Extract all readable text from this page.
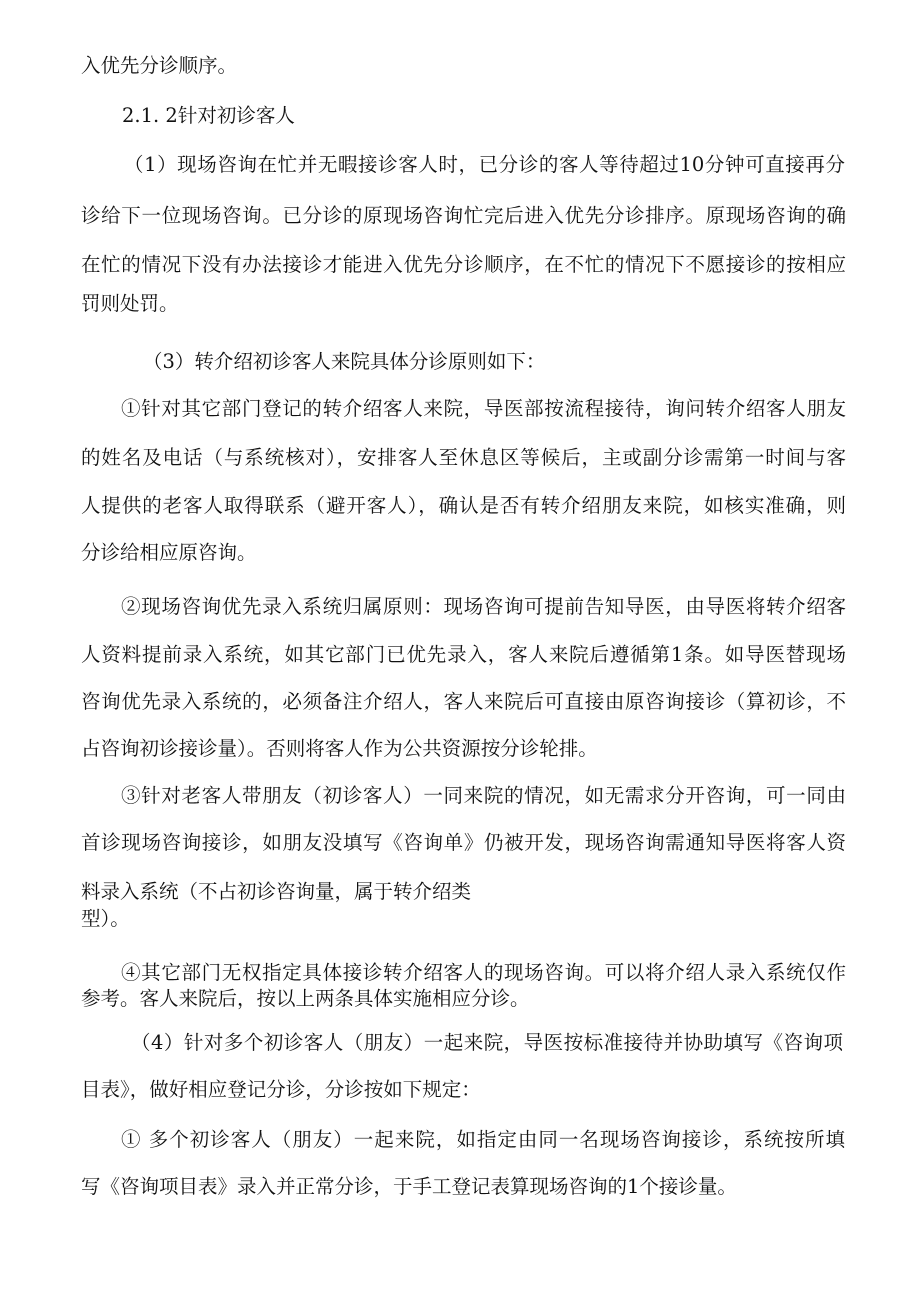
入优先分诊顺序。

2.1. 2针对初诊客人

（1）现场咨询在忙并无暇接诊客人时，已分诊的客人等待超过10分钟可直接再分

诊给下一位现场咨询。已分诊的原现场咨询忙完后进入优先分诊排序。原现场咨询的确

在忙的情况下没有办法接诊才能进入优先分诊顺序，在不忙的情况下不愿接诊的按相应

罚则处罚。

（3）转介绍初诊客人来院具体分诊原则如下：

①针对其它部门登记的转介绍客人来院，导医部按流程接待，询问转介绍客人朋友

的姓名及电话（与系统核对），安排客人至休息区等候后，主或副分诊需第一时间与客

人提供的老客人取得联系（避开客人），确认是否有转介绍朋友来院，如核实准确，则

分诊给相应原咨询。

②现场咨询优先录入系统归属原则：现场咨询可提前告知导医，由导医将转介绍客

人资料提前录入系统，如其它部门已优先录入，客人来院后遵循第1条。如导医替现场

咨询优先录入系统的，必须备注介绍人，客人来院后可直接由原咨询接诊（算初诊，不

占咨询初诊接诊量）。否则将客人作为公共资源按分诊轮排。

③针对老客人带朋友（初诊客人）一同来院的情况，如无需求分开咨询，可一同由

首诊现场咨询接诊，如朋友没填写《咨询单》仍被开发，现场咨询需通知导医将客人资

料录入系统（不占初诊咨询量，属于转介绍类

型）。

④其它部门无权指定具体接诊转介绍客人的现场咨询。可以将介绍人录入系统仅作

参考。客人来院后，按以上两条具体实施相应分诊。

（4）针对多个初诊客人（朋友）一起来院，导医按标准接待并协助填写《咨询项

目表》，做好相应登记分诊，分诊按如下规定：

① 多个初诊客人（朋友）一起来院，如指定由同一名现场咨询接诊，系统按所填

写《咨询项目表》录入并正常分诊，于手工登记表算现场咨询的1个接诊量。
